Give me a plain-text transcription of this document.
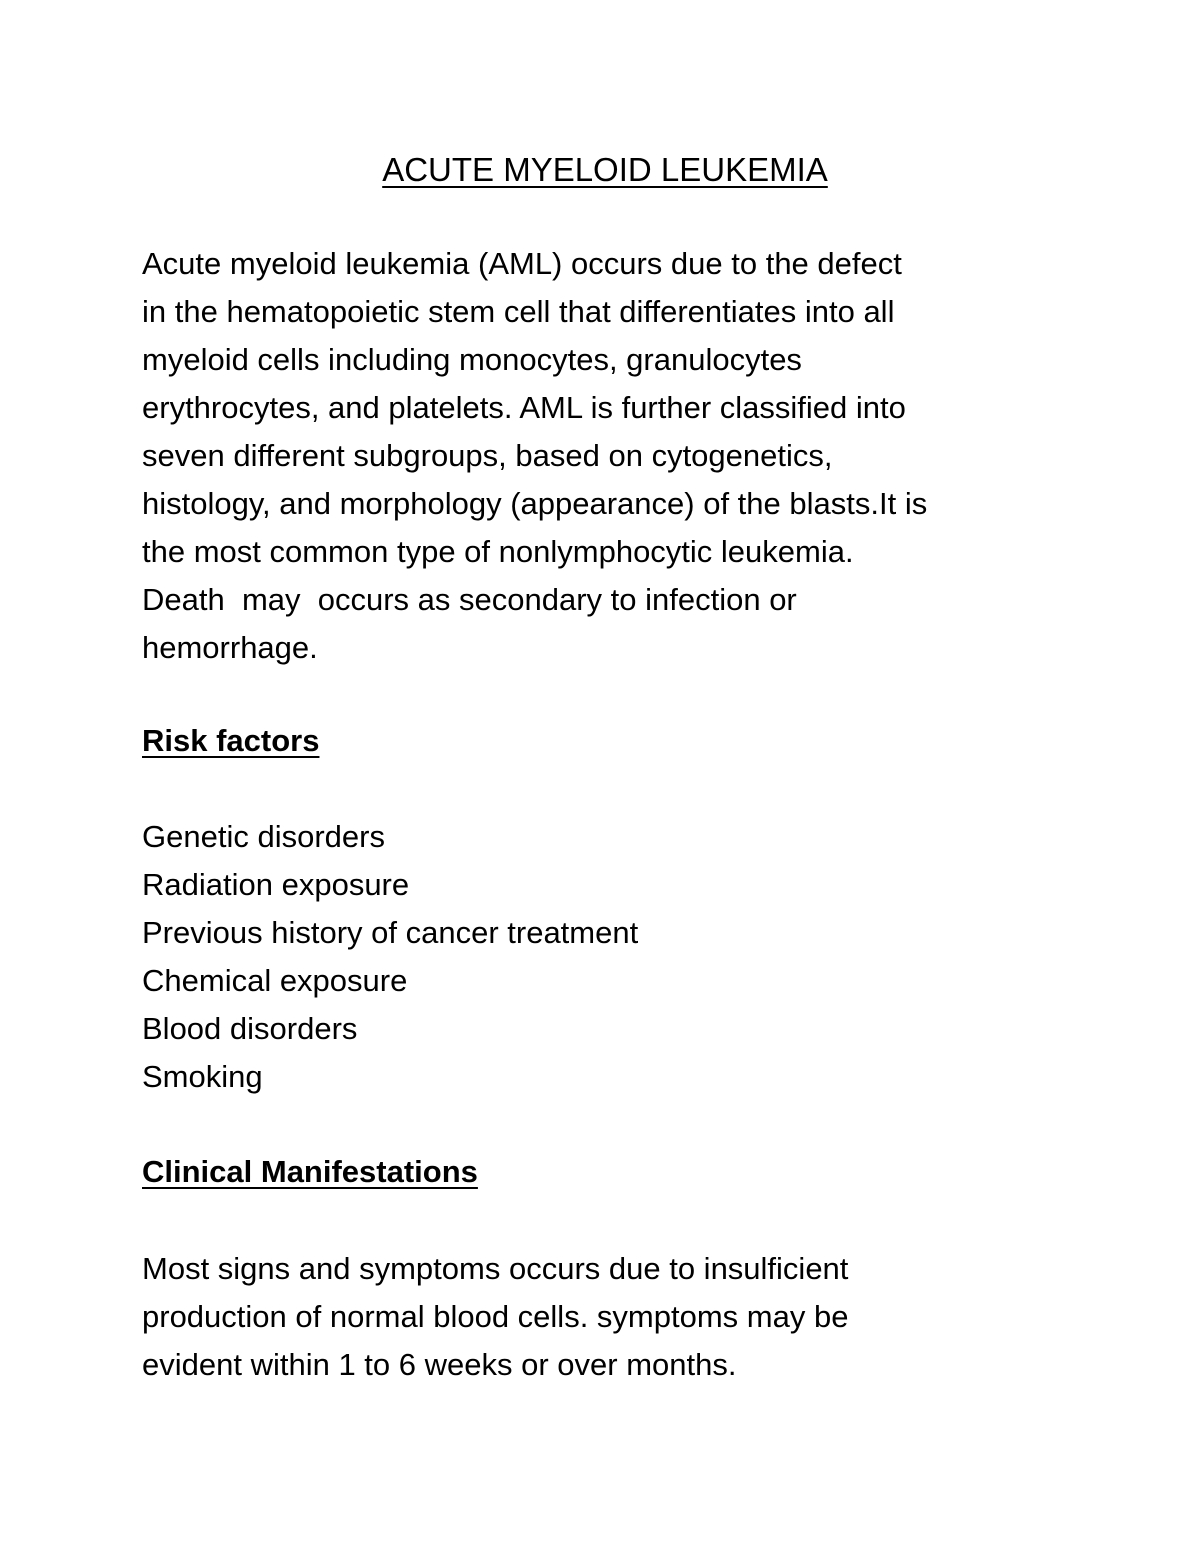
ACUTE MYELOID LEUKEMIA
Acute myeloid leukemia (AML) occurs due to the defect
in the hematopoietic stem cell that differentiates into all
myeloid cells including monocytes, granulocytes
erythrocytes, and platelets. AML is further classified into
seven different subgroups, based on cytogenetics,
histology, and morphology (appearance) of the blasts.It is
the most common type of nonlymphocytic leukemia.
Death  may  occurs as secondary to infection or
hemorrhage.
Risk factors
Genetic disorders
Radiation exposure
Previous history of cancer treatment
Chemical exposure
Blood disorders
Smoking
Clinical Manifestations
Most signs and symptoms occurs due to insulficient
production of normal blood cells. symptoms may be
evident within 1 to 6 weeks or over months.
